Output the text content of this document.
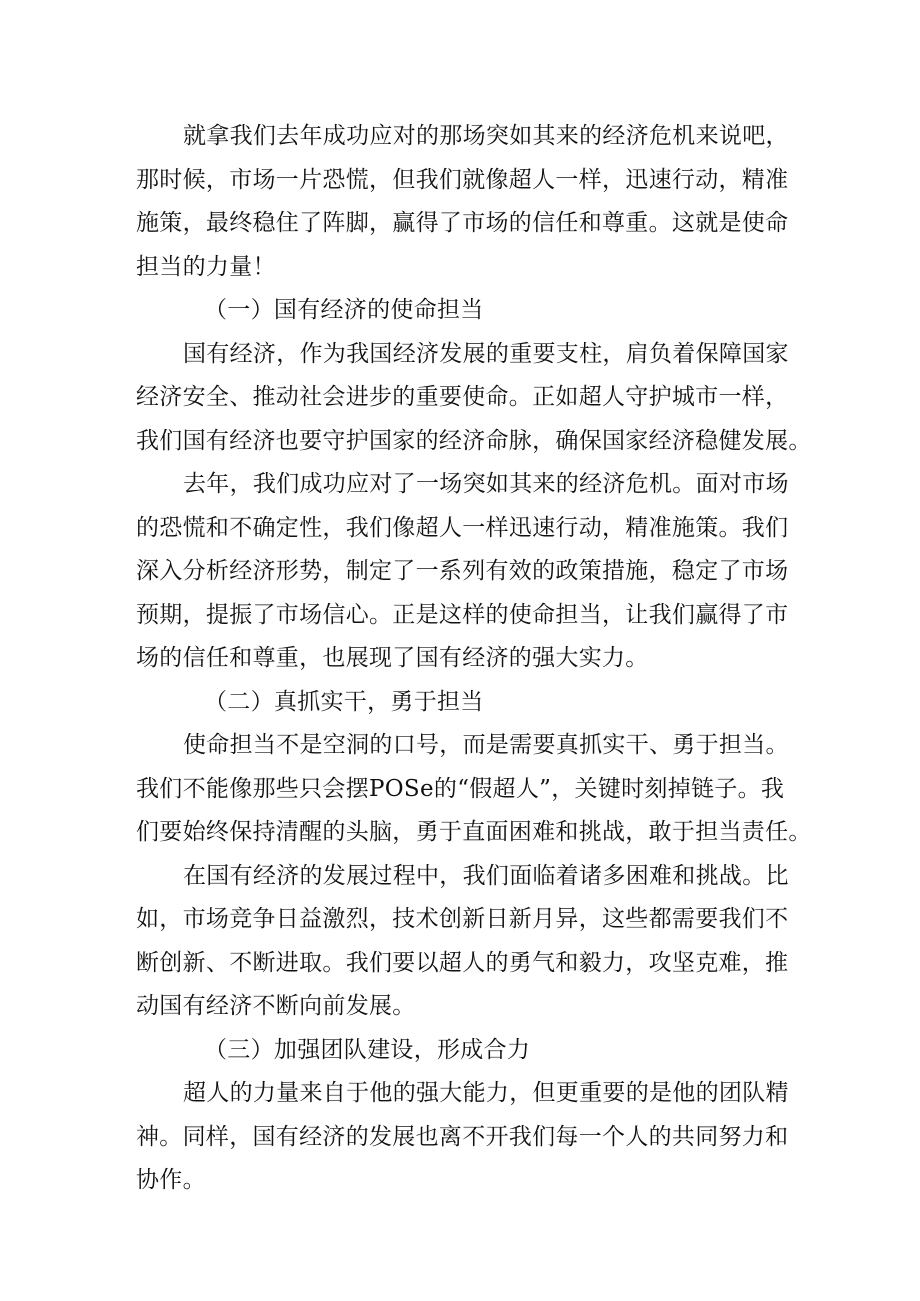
就拿我们去年成功应对的那场突如其来的经济危机来说吧，
那时候，市场一片恐慌，但我们就像超人一样，迅速行动，精准
施策，最终稳住了阵脚，赢得了市场的信任和尊重。这就是使命
担当的力量！
（一）国有经济的使命担当
国有经济，作为我国经济发展的重要支柱，肩负着保障国家
经济安全、推动社会进步的重要使命。正如超人守护城市一样，
我们国有经济也要守护国家的经济命脉，确保国家经济稳健发展。
去年，我们成功应对了一场突如其来的经济危机。面对市场
的恐慌和不确定性，我们像超人一样迅速行动，精准施策。我们
深入分析经济形势，制定了一系列有效的政策措施，稳定了市场
预期，提振了市场信心。正是这样的使命担当，让我们赢得了市
场的信任和尊重，也展现了国有经济的强大实力。
（二）真抓实干，勇于担当
使命担当不是空洞的口号，而是需要真抓实干、勇于担当。
我们不能像那些只会摆POSe的“假超人”，关键时刻掉链子。我
们要始终保持清醒的头脑，勇于直面困难和挑战，敢于担当责任。
在国有经济的发展过程中，我们面临着诸多困难和挑战。比
如，市场竞争日益激烈，技术创新日新月异，这些都需要我们不
断创新、不断进取。我们要以超人的勇气和毅力，攻坚克难，推
动国有经济不断向前发展。
（三）加强团队建设，形成合力
超人的力量来自于他的强大能力，但更重要的是他的团队精
神。同样，国有经济的发展也离不开我们每一个人的共同努力和
协作。
